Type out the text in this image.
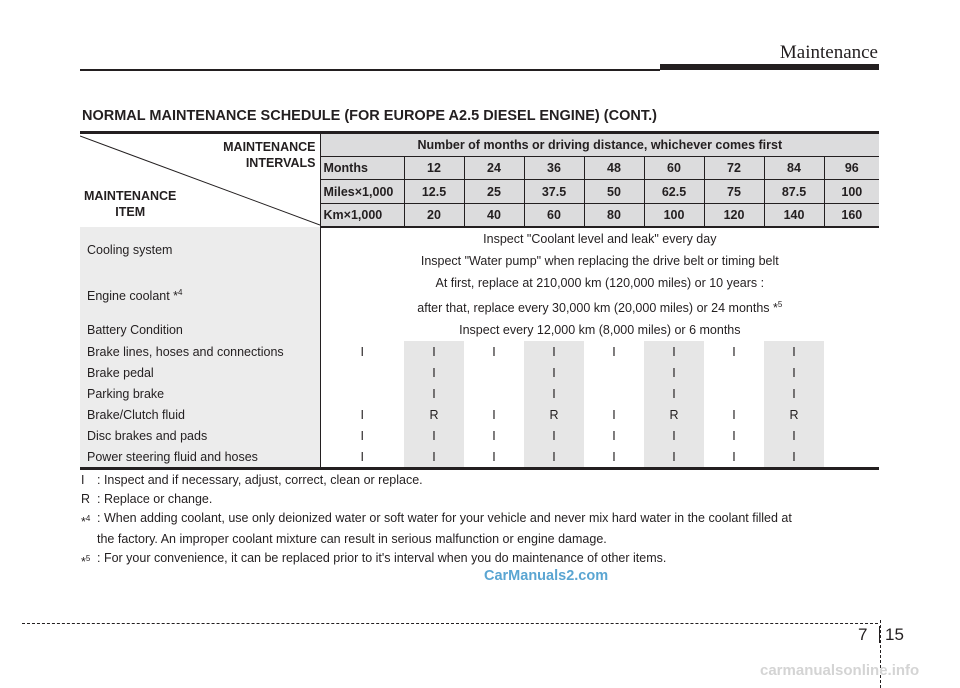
Maintenance
NORMAL MAINTENANCE SCHEDULE (FOR EUROPE A2.5 DIESEL ENGINE) (CONT.)
MAINTENANCE
INTERVALS
MAINTENANCE
ITEM	Number of months or driving distance, whichever comes first								
	Months	12	24	36	48	60	72	84	96
	Miles×1,000	12.5	25	37.5	50	62.5	75	87.5	100
	Km×1,000	20	40	60	80	100	120	140	160
Cooling system	Inspect "Coolant level and leak" every day
Inspect "Water pump" when replacing the drive belt or timing belt								

Engine coolant *$^4$	At first, replace at 210,000 km (120,000 miles) or 10 years :
after that, replace every 30,000 km (20,000 miles) or 24 months *$^5$

Battery Condition	Inspect every 12,000 km (8,000 miles) or 6 months								

Brake lines, hoses and connections	I	I	I	I	I	I	I	I	
Brake pedal		I		I		I		I	
Parking brake		I		I		I		I	
Brake/Clutch fluid	I	R	I	R	I	R	I	R	
Disc brakes and pads	I	I	I	I	I	I	I	I	
Power steering fluid and hoses	I	I	I	I	I	I	I	I	
I	: Inspect and if necessary, adjust, correct, clean or replace.
R : Replace or change.
*$^4$ : When adding coolant, use only deionized water or soft water for your vehicle and never mix hard water in the coolant filled at
the factory. An improper coolant mixture can result in serious malfunction or engine damage.
*$^5$ : For your convenience, it can be replaced prior to it's interval when you do maintenance of other items.
CarManuals2.com
7 15
carmanualsonline.info
